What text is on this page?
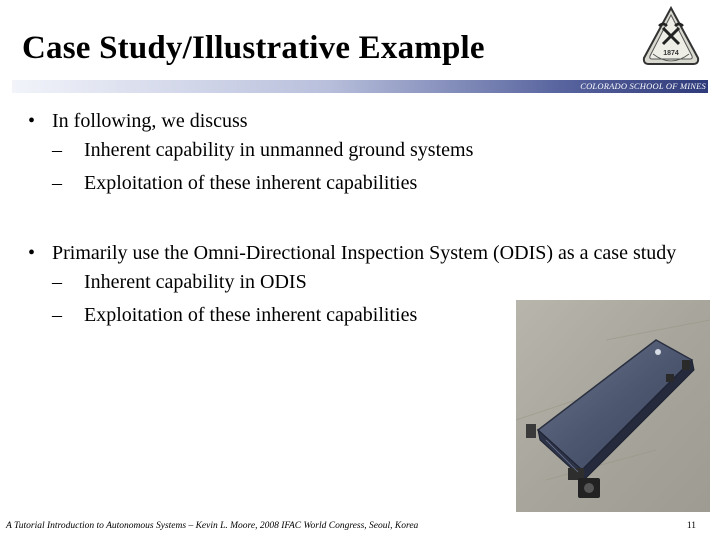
Case Study/Illustrative Example	1874
COLORADO SCHOOL OF MINES
• In following, we discuss
–	Inherent capability in unmanned ground systems
–	Exploitation of these inherent capabilities
• Primarily use the Omni-Directional Inspection System (ODIS) as a case study
–	Inherent capability in ODIS
–	Exploitation of these inherent capabilities
A Tutorial Introduction to Autonomous Systems – Kevin L. Moore, 2008 IFAC World Congress, Seoul, Korea	11
